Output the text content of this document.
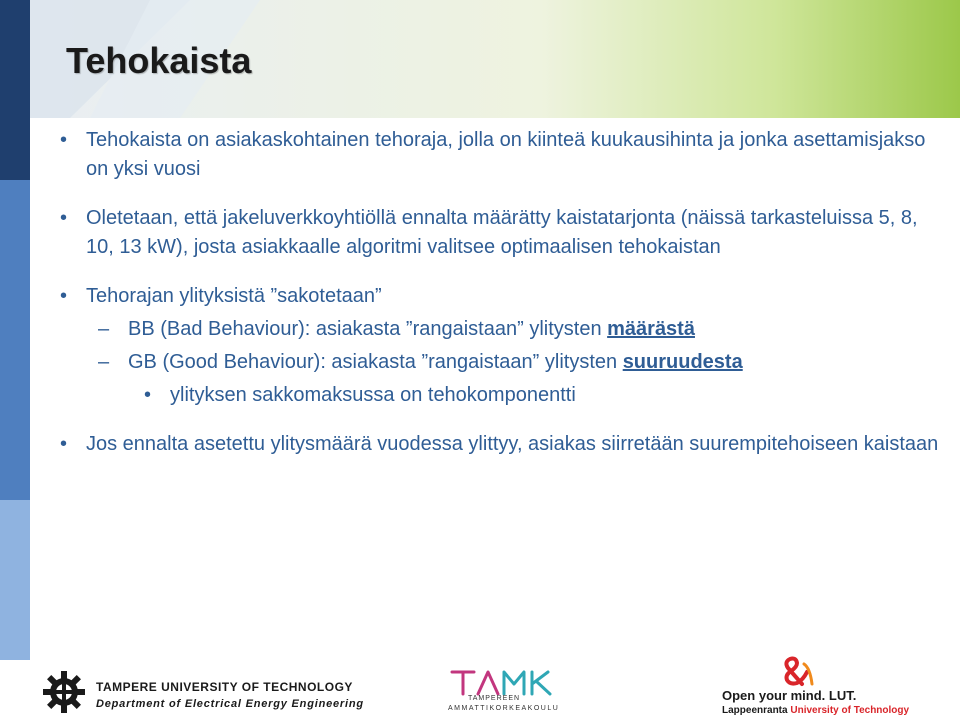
Tehokaista
• Tehokaista on asiakaskohtainen tehoraja, jolla on kiinteä kuukausihinta ja jonka asettamisjakso on yksi vuosi
• Oletetaan, että jakeluverkkoyhtiöllä ennalta määrätty kaistatarjonta (näissä tarkasteluissa 5, 8, 10, 13 kW), josta asiakkaalle algoritmi valitsee optimaalisen tehokaistan
• Tehorajan ylityksistä ”sakotetaan”
– BB (Bad Behaviour): asiakasta ”rangaistaan” ylitysten määrästä
– GB (Good Behaviour): asiakasta ”rangaistaan” ylitysten suuruudesta
• ylityksen sakkomaksussa on tehokomponentti
• Jos ennalta asetettu ylitysmäärä vuodessa ylittyy, asiakas siirretään suurempitehoiseen kaistaan
TAMPERE UNIVERSITY OF TECHNOLOGY
Department of Electrical Energy Engineering	TAMPEREEN
AMMATTIKORKEAKOULU
Open your mind. LUT.
Lappeenranta University of Technology
